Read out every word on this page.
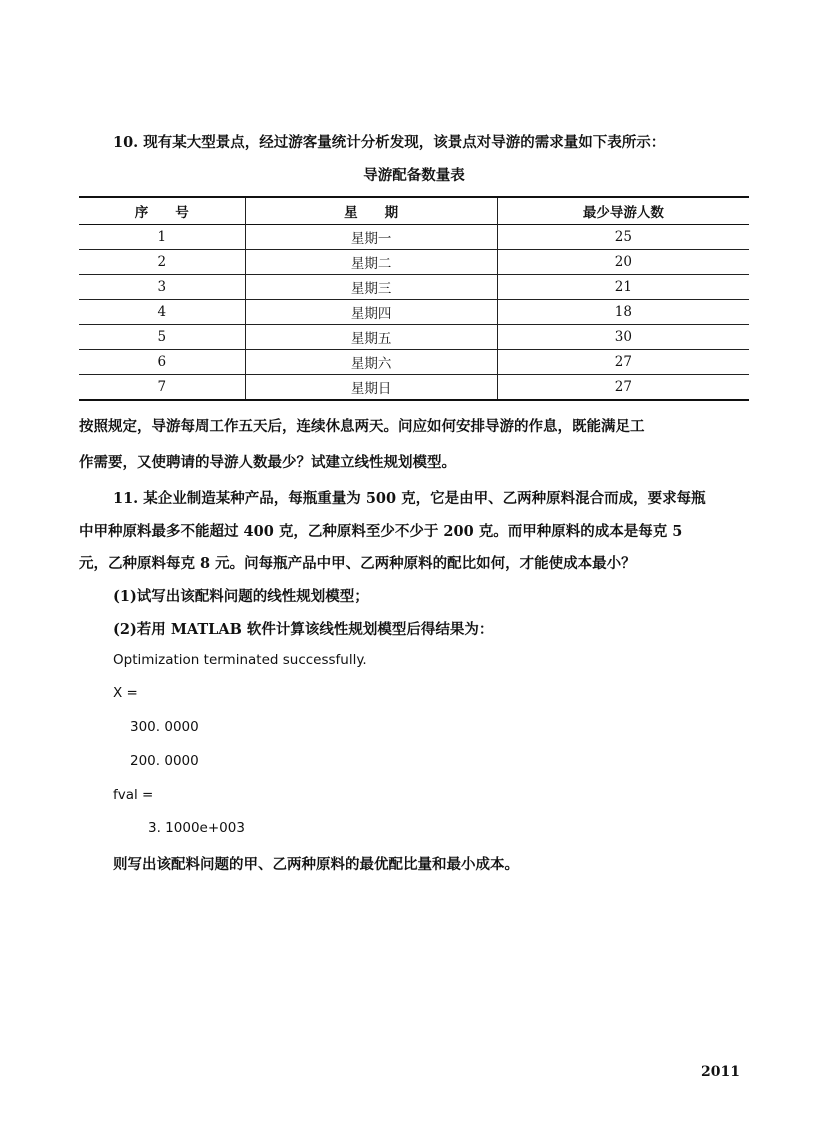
10. 现有某大型景点，经过游客量统计分析发现，该景点对导游的需求量如下表所示：
导游配备数量表
序　　号	星　　期	最少导游人数
1	星期一	25
2	星期二	20
3	星期三	21
4	星期四	18
5	星期五	30
6	星期六	27
7	星期日	27
按照规定，导游每周工作五天后，连续休息两天。问应如何安排导游的作息，既能满足工
作需要，又使聘请的导游人数最少？试建立线性规划模型。
11. 某企业制造某种产品，每瓶重量为 500 克，它是由甲、乙两种原料混合而成，要求每瓶
中甲种原料最多不能超过 400 克，乙种原料至少不少于 200 克。而甲种原料的成本是每克 5
元，乙种原料每克 8 元。问每瓶产品中甲、乙两种原料的配比如何，才能使成本最小？
(1)试写出该配料问题的线性规划模型；
(2)若用 MATLAB 软件计算该线性规划模型后得结果为：
Optimization terminated successfully.
X =
300. 0000
200. 0000
fval =
3. 1000e+003
则写出该配料问题的甲、乙两种原料的最优配比量和最小成本。
2011
